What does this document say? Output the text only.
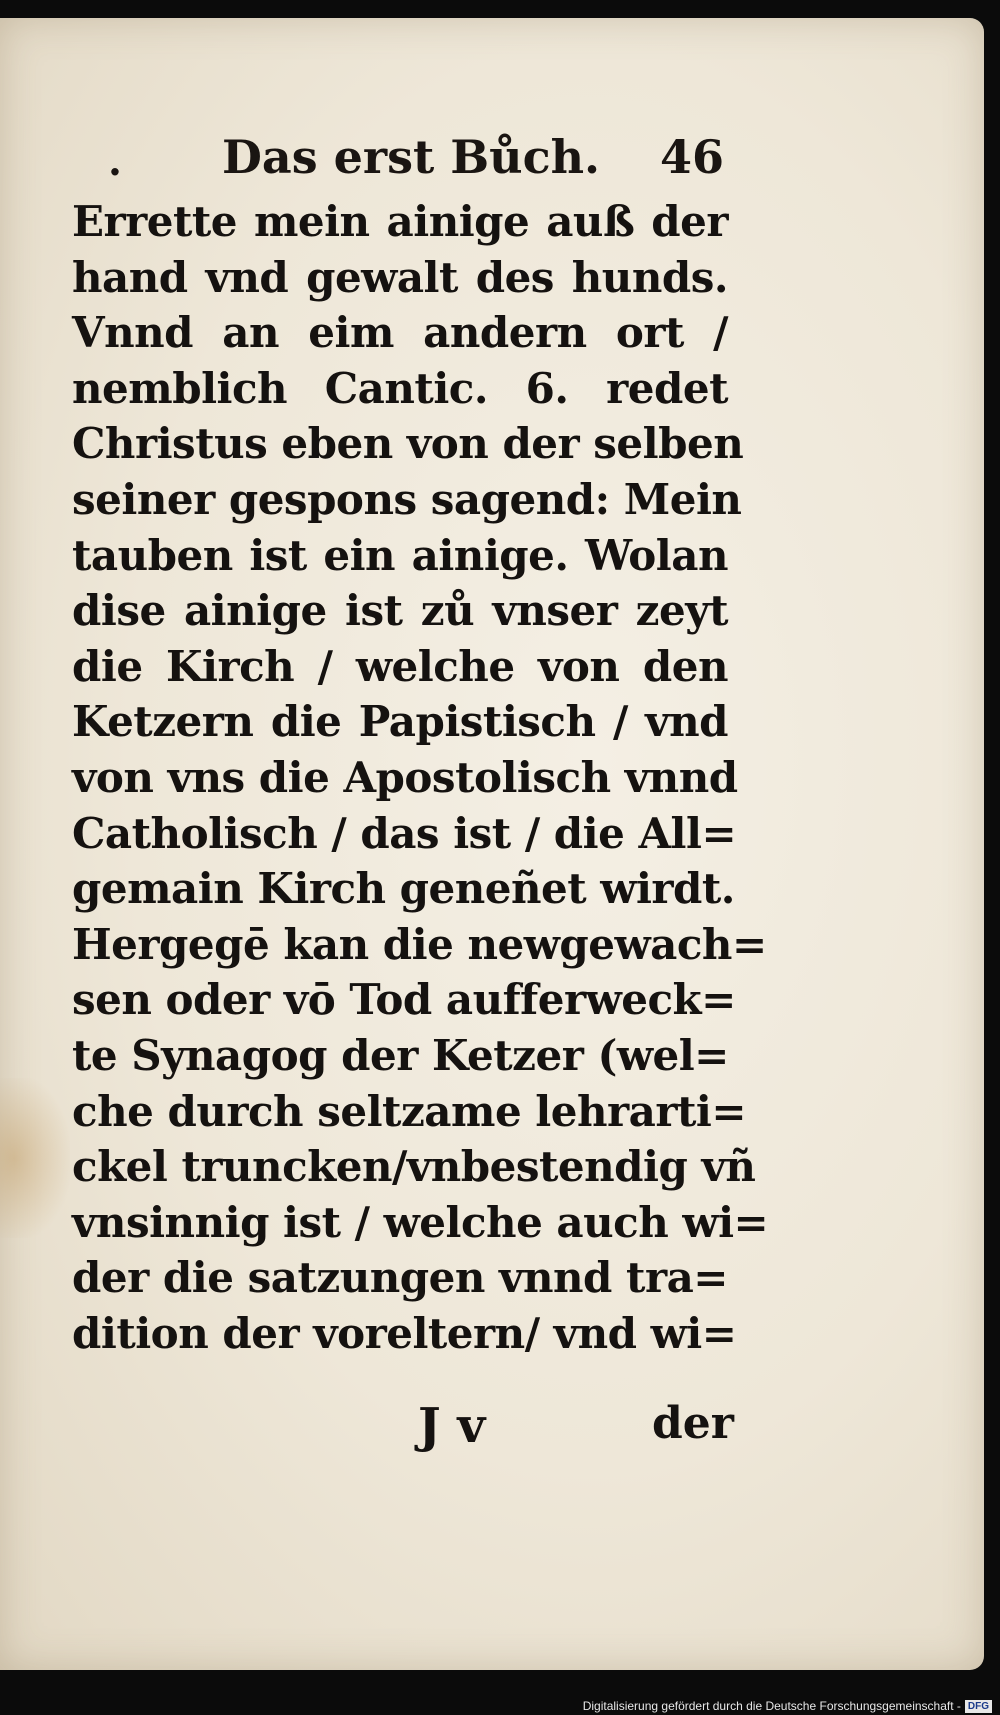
. Das erst Bůch. 46
Errette mein ainige auß der
hand vnd gewalt des hunds.
Vnnd an eim andern ort /
nemblich Cantic. 6. redet
Christus eben von der selben
seiner gespons sagend: Mein
tauben ist ein ainige. Wolan
dise ainige ist zů vnser zeyt
die Kirch / welche von den
Ketzern die Papistisch / vnd
von vns die Apostolisch vnnd
Catholisch / das ist / die All=
gemain Kirch geneñet wirdt.
Hergegē kan die newgewach=
sen oder vō Tod aufferweck=
te Synagog der Ketzer (wel=
che durch seltzame lehrarti=
ckel truncken/vnbestendig vñ
vnsinnig ist / welche auch wi=
der die satzungen vnnd tra=
dition der voreltern/ vnd wi=
J v	der
Digitalisierung gefördert durch die Deutsche Forschungsgemeinschaft - DFG
